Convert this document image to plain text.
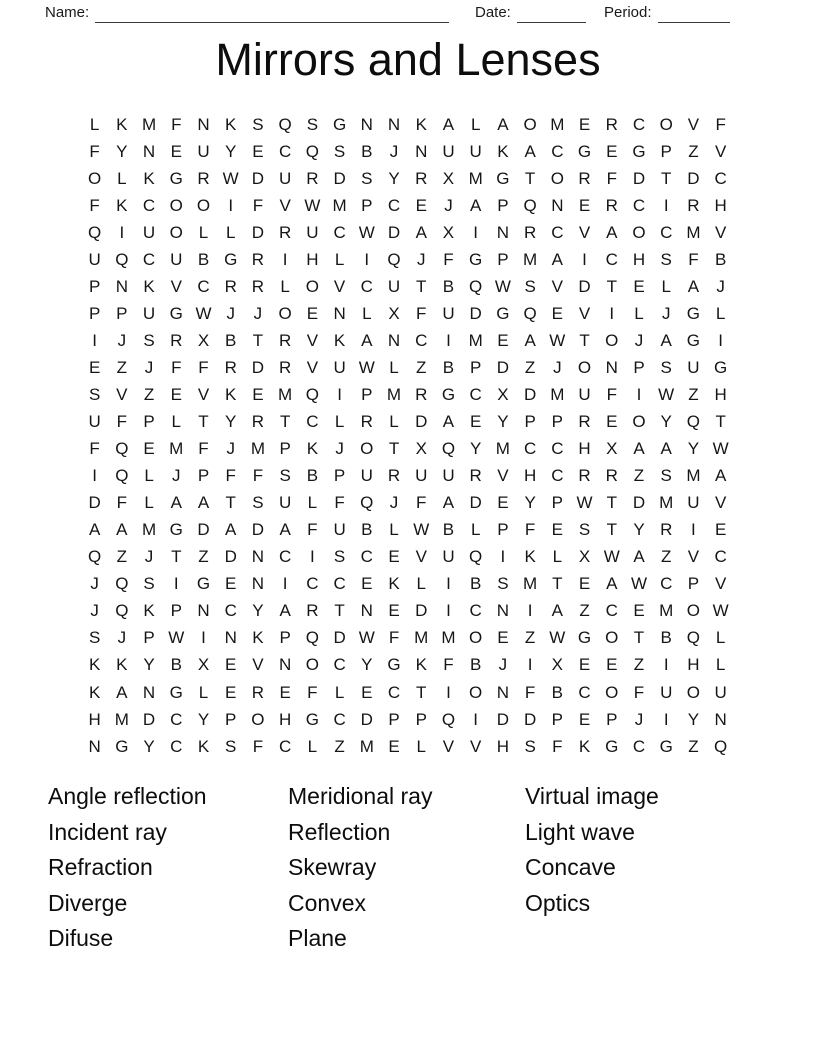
Name:	Date:	Period:
Mirrors and Lenses
L K M F N K S Q S G N N K A L A O M E R C O V F
F Y N E U Y E C Q S B	J N U U K A C G E G P Z V
O L K G R W D U R D S Y R X M G T O R F D T D C
F K C O O	I	F V W M P C E	J	A P Q N E R C	I	R H
Q	I	U O L	L D R U C W D A X	I	N R C V A O C M V
U Q C U B G R	I	H L	I	Q J	F G P M A	I	C H S F B
P N K V C R R L O V C U T B Q W S V D T E L A	J
P P U G W J	J O E N L X F U D G Q E V	I	L	J G L
I	J	S R X B T R V K A N C	I	M E A W T O J	A G	I
E Z	J	F F R D R V U W L	Z B P D Z	J O N P S U G
S V Z E V K E M Q	I	P M R G C X D M U F	I W Z H
U F P L	T Y R T C L R L D A E Y P P R E O Y Q T
F Q E M F	J M P K	J O T X Q Y M C C H X A A Y W
I	Q L	J	P F F S B P U R U U R V H C R R Z S M A
D F	L A A T S U L	F Q J	F A D E Y P W T D M U V
A A M G D A D A F U B L W B L P F E S T Y R	I	E
Q Z	J	T Z D N C	I	S C E V U Q	I	K L X W A Z V C
J Q S	I	G E N	I	C C E K L	I	B S M T E A W C P V
J Q K P N C Y A R T N E D	I	C N	I	A Z C E M O W
S	J	P W I	N K P Q D W F M M O E Z W G O T B Q L
K K Y B X E V N O C Y G K F B	J	I	X E E Z	I	H L
K A N G L E R E F	L E C T	I	O N F B C O F U O U
H M D C Y P O H G C D P P Q	I	D D P E P	J	I	Y N
N G Y C K S F C L	Z M E L V V H S F K G C G Z Q
Angle reflection
Incident ray
Refraction
Diverge
Difuse
Meridional ray
Reflection
Skewray
Convex
Plane
Virtual image
Light wave
Concave
Optics
